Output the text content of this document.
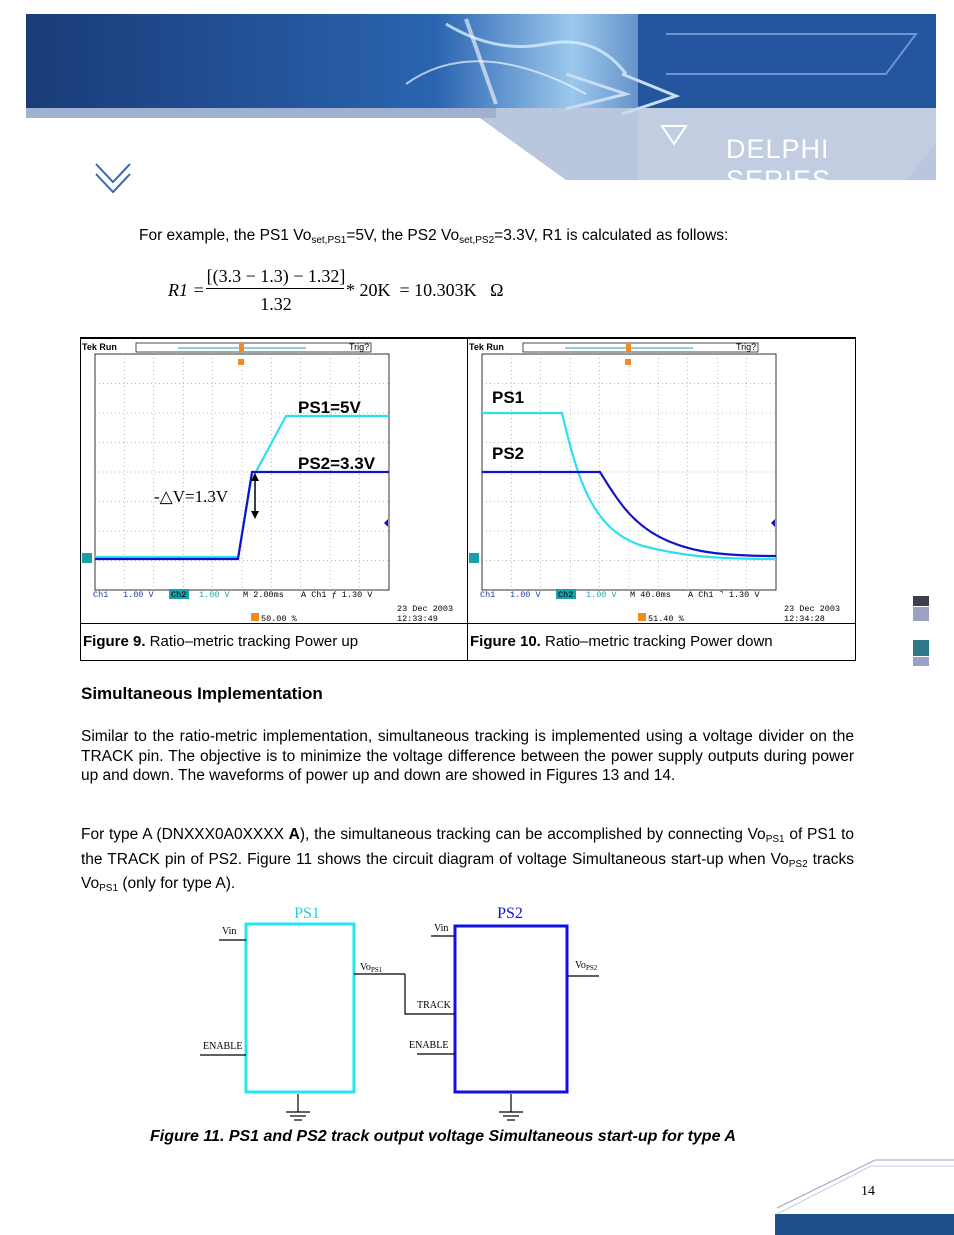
DELPHI SERIES
For example, the PS1 $Vo_{set,PS1}=5V$, the PS2 $Vo_{set,PS2}=3.3V$, R1 is calculated as follows:
R1 =
[(3.3 − 1.3) − 1.32]
1.32
* 20K  = 10.303K   Ω
Tek Run	Trig?
PS1=5V
PS2=3.3V
-△V=1.3V
Ch1 1.00 V Ch2 1.00 V M 2.00ms A Ch1 ƒ 1.30 V
50.00 %
23 Dec 2003
12:33:49
Tek Run	Trig?
PS1
PS2
Ch1 1.00 V Ch2 1.00 V M 40.0ms A Ch1 ⌝ 1.30 V
51.40 %
23 Dec 2003
12:34:28
Figure 9. Ratio–metric tracking Power up	Figure 10. Ratio–metric tracking Power down
Simultaneous Implementation
Similar to the ratio-metric implementation, simultaneous tracking is implemented using a voltage divider on the TRACK pin. The objective is to minimize the voltage difference between the power supply outputs during power up and down. The waveforms of power up and down are showed in Figures 13 and 14.
For type A (DNXXX0A0XXXX A), the simultaneous tracking can be accomplished by connecting $Vo_{PS1}$ of PS1 to the TRACK pin of PS2. Figure 11 shows the circuit diagram of voltage Simultaneous start-up when $Vo_{PS2}$ tracks $Vo_{PS1}$ (only for type A).
PS1	PS2
Vin
ENABLE
$Vo_{PS1}$
TRACK
Vin
ENABLE
$Vo_{PS2}$
Figure 11. PS1 and PS2 track output voltage Simultaneous start-up for type A
14
